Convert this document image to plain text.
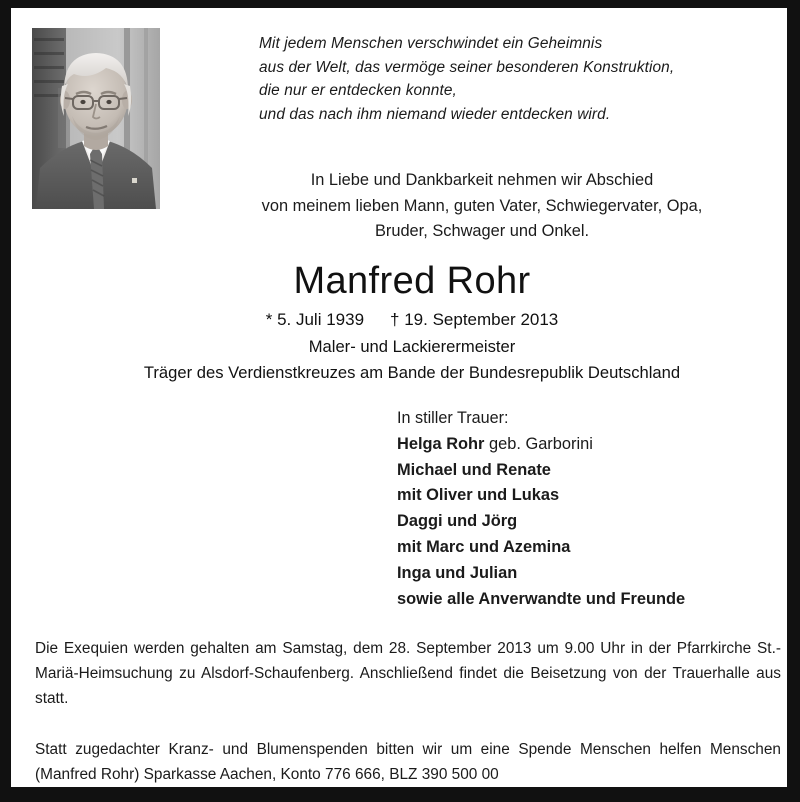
Mit jedem Menschen verschwindet ein Geheimnis
aus der Welt, das vermöge seiner besonderen Konstruktion,
die nur er entdecken konnte,
und das nach ihm niemand wieder entdecken wird.
In Liebe und Dankbarkeit nehmen wir Abschied
von meinem lieben Mann, guten Vater, Schwiegervater, Opa,
Bruder, Schwager und Onkel.
Manfred Rohr
* 5. Juli 1939 † 19. September 2013
Maler- und Lackierermeister
Träger des Verdienstkreuzes am Bande der Bundesrepublik Deutschland
In stiller Trauer:
Helga Rohr geb. Garborini
Michael und Renate
mit Oliver und Lukas
Daggi und Jörg
mit Marc und Azemina
Inga und Julian
sowie alle Anverwandte und Freunde

Die Exequien werden gehalten am Samstag, dem 28. September 2013 um 9.00 Uhr in der Pfarrkirche St.-Mariä-Heimsuchung zu Alsdorf-Schaufenberg. Anschließend findet die Beisetzung von der Trauerhalle aus statt.

Statt zugedachter Kranz- und Blumenspenden bitten wir um eine Spende Menschen helfen Menschen (Manfred Rohr) Sparkasse Aachen, Konto 776 666, BLZ 390 500 00
